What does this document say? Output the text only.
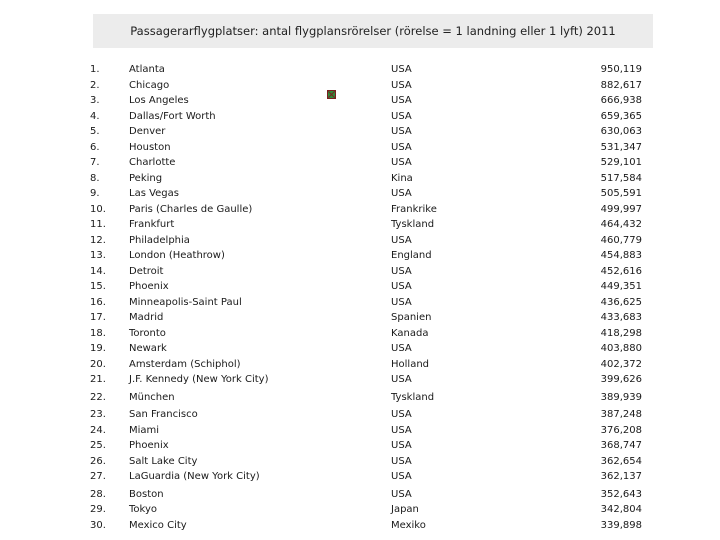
Passagerarflygplatser: antal flygplansrörelser (rörelse = 1 landning eller 1 lyft) 2011
1.	Atlanta	USA	950,119
2.	Chicago	USA	882,617
3.	Los Angeles	USA	666,938
4.	Dallas/Fort Worth	USA	659,365
5.	Denver	USA	630,063
6.	Houston	USA	531,347
7.	Charlotte	USA	529,101
8.	Peking	Kina	517,584
9.	Las Vegas	USA	505,591
10. Paris (Charles de Gaulle)	Frankrike	499,997
11. Frankfurt	Tyskland	464,432
12. Philadelphia	USA	460,779
13. London (Heathrow)	England	454,883
14. Detroit	USA	452,616
15. Phoenix	USA	449,351
16. Minneapolis-Saint Paul	USA	436,625
17. Madrid	Spanien	433,683
18. Toronto	Kanada	418,298
19. Newark	USA	403,880
20. Amsterdam (Schiphol)	Holland	402,372
21. J.F. Kennedy (New York City)	USA	399,626
22. München	Tyskland	389,939
23. San Francisco	USA	387,248
24. Miami	USA	376,208
25. Phoenix	USA	368,747
26. Salt Lake City	USA	362,654
27. LaGuardia (New York City)	USA	362,137
28. Boston	USA	352,643
29. Tokyo	Japan	342,804
30. Mexico City	Mexiko	339,898
